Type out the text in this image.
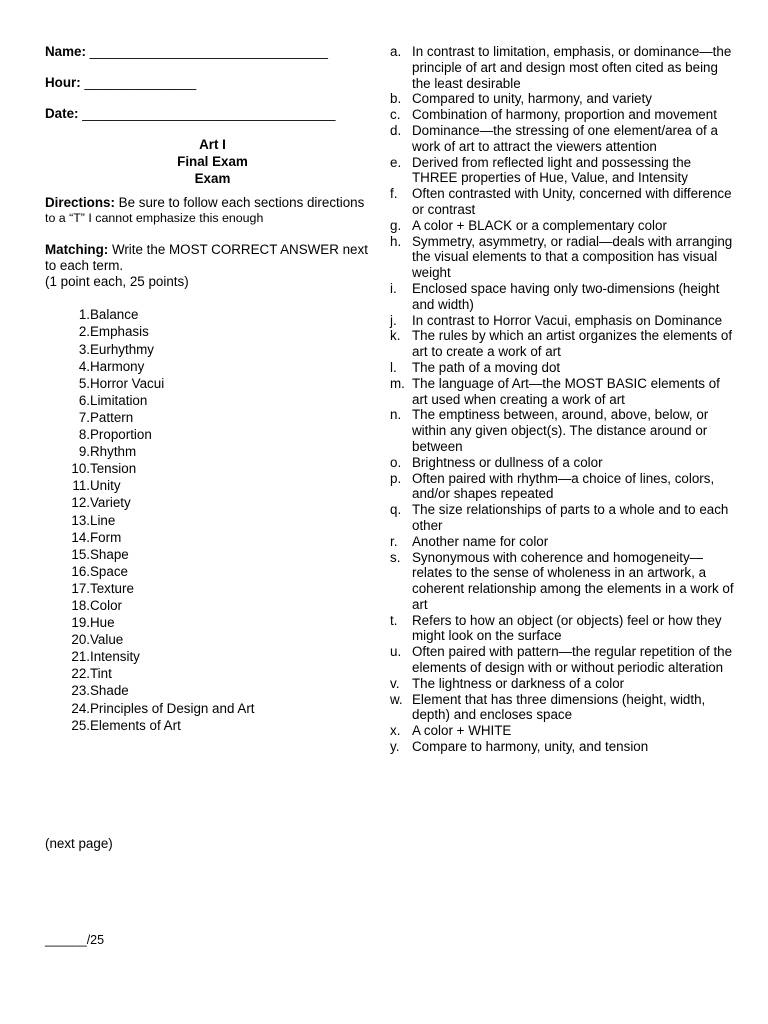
Name: ________________________________
Hour: _______________
Date: __________________________________
Art I
Final Exam
Exam
Directions: Be sure to follow each sections directions
to a “T” I cannot emphasize this enough
Matching: Write the MOST CORRECT ANSWER next to each term.
(1 point each, 25 points)
1. Balance
2. Emphasis
3. Eurhythmy
4. Harmony
5. Horror Vacui
6. Limitation
7. Pattern
8. Proportion
9. Rhythm
10. Tension
11. Unity
12. Variety
13. Line
14. Form
15. Shape
16. Space
17. Texture
18. Color
19. Hue
20. Value
21. Intensity
22. Tint
23. Shade
24. Principles of Design and Art
25. Elements of Art
(next page)
______/25
a. In contrast to limitation, emphasis, or dominance—the principle of art and design most often cited as being the least desirable
b. Compared to unity, harmony, and variety
c. Combination of harmony, proportion and movement
d. Dominance—the stressing of one element/area of a work of art to attract the viewers attention
e. Derived from reflected light and possessing the THREE properties of Hue, Value, and Intensity
f.	Often contrasted with Unity, concerned with difference or contrast
g. A color + BLACK or a complementary color
h. Symmetry, asymmetry, or radial—deals with arranging the visual elements to that a composition has visual weight
i.	Enclosed space having only two-dimensions (height and width)
j.	In contrast to Horror Vacui, emphasis on Dominance
k. The rules by which an artist organizes the elements of art to create a work of art
l.	The path of a moving dot
m. The language of Art—the MOST BASIC elements of art used when creating a work of art
n. The emptiness between, around, above, below, or within any given object(s). The distance around or between
o. Brightness or dullness of a color
p. Often paired with rhythm—a choice of lines, colors, and/or shapes repeated
q. The size relationships of parts to a whole and to each other
r.	Another name for color
s. Synonymous with coherence and homogeneity—relates to the sense of wholeness in an artwork, a coherent relationship among the elements in a work of art
t.	Refers to how an object (or objects) feel or how they might look on the surface
u. Often paired with pattern—the regular repetition of the elements of design with or without periodic alteration
v. The lightness or darkness of a color
w. Element that has three dimensions (height, width, depth) and encloses space
x. A color + WHITE
y. Compare to harmony, unity, and tension
